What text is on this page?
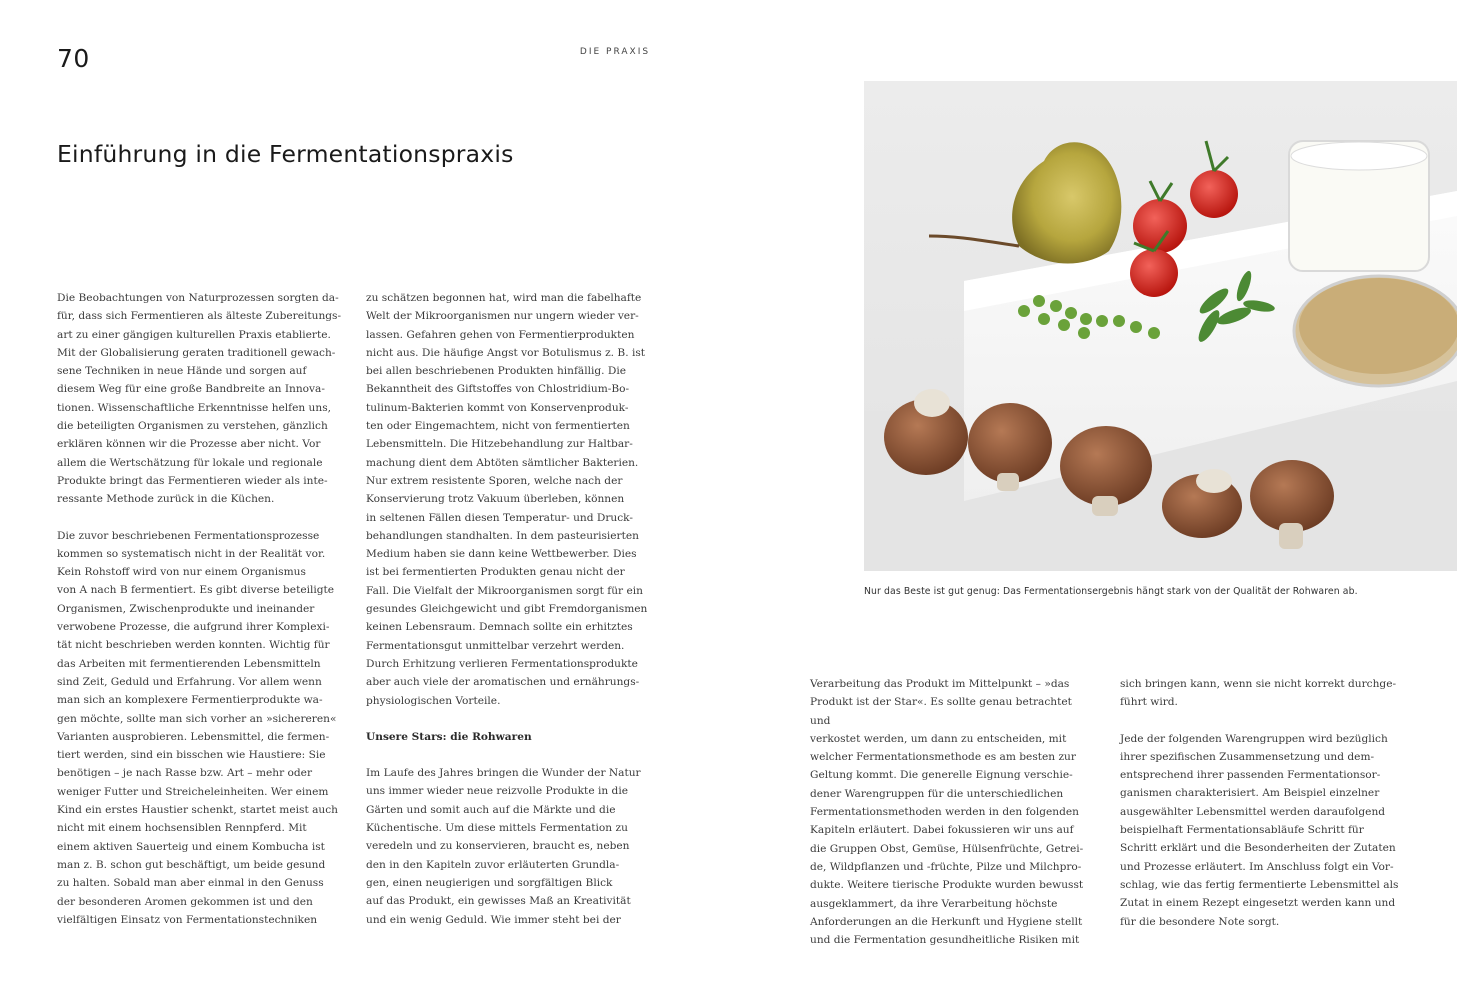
70	DIE PRAXIS
Einführung in die Fermentationspraxis

Die Beobachtungen von Naturprozessen sorgten da-
für, dass sich Fermentieren als älteste Zubereitungs-
art zu einer gängigen kulturellen Praxis etablierte.
Mit der Globalisierung geraten traditionell gewach-
sene Techniken in neue Hände und sorgen auf
diesem Weg für eine große Bandbreite an Innova-
tionen. Wissenschaftliche Erkenntnisse helfen uns,
die beteiligten Organismen zu verstehen, gänzlich
erklären können wir die Prozesse aber nicht. Vor
allem die Wertschätzung für lokale und regionale
Produkte bringt das Fermentieren wieder als inte-
ressante Methode zurück in die Küchen.

Die zuvor beschriebenen Fermentationsprozesse
kommen so systematisch nicht in der Realität vor.
Kein Rohstoff wird von nur einem Organismus
von A nach B fermentiert. Es gibt diverse beteiligte
Organismen, Zwischenprodukte und ineinander
verwobene Prozesse, die aufgrund ihrer Komplexi-
tät nicht beschrieben werden konnten. Wichtig für
das Arbeiten mit fermentierenden Lebensmitteln
sind Zeit, Geduld und Erfahrung. Vor allem wenn
man sich an komplexere Fermentierprodukte wa-
gen möchte, sollte man sich vorher an »sichereren«
Varianten ausprobieren. Lebensmittel, die fermen-
tiert werden, sind ein bisschen wie Haustiere: Sie
benötigen – je nach Rasse bzw. Art – mehr oder
weniger Futter und Streicheleinheiten. Wer einem
Kind ein erstes Haustier schenkt, startet meist auch
nicht mit einem hochsensiblen Rennpferd. Mit
einem aktiven Sauerteig und einem Kombucha ist
man z. B. schon gut beschäftigt, um beide gesund
zu halten. Sobald man aber einmal in den Genuss
der besonderen Aromen gekommen ist und den
vielfältigen Einsatz von Fermentationstechniken

zu schätzen begonnen hat, wird man die fabelhafte
Welt der Mikroorganismen nur ungern wieder ver-
lassen. Gefahren gehen von Fermentierprodukten
nicht aus. Die häufige Angst vor Botulismus z. B. ist
bei allen beschriebenen Produkten hinfällig. Die
Bekanntheit des Giftstoffes von Chlostridium-Bo-
tulinum-Bakterien kommt von Konservenproduk-
ten oder Eingemachtem, nicht von fermentierten
Lebensmitteln. Die Hitzebehandlung zur Haltbar-
machung dient dem Abtöten sämtlicher Bakterien.
Nur extrem resistente Sporen, welche nach der
Konservierung trotz Vakuum überleben, können
in seltenen Fällen diesen Temperatur- und Druck-
behandlungen standhalten. In dem pasteurisierten
Medium haben sie dann keine Wettbewerber. Dies
ist bei fermentierten Produkten genau nicht der
Fall. Die Vielfalt der Mikroorganismen sorgt für ein
gesundes Gleichgewicht und gibt Fremdorganismen
keinen Lebensraum. Demnach sollte ein erhitztes
Fermentationsgut unmittelbar verzehrt werden.
Durch Erhitzung verlieren Fermentationsprodukte
aber auch viele der aromatischen und ernährungs-
physiologischen Vorteile.

Unsere Stars: die Rohwaren

Im Laufe des Jahres bringen die Wunder der Natur
uns immer wieder neue reizvolle Produkte in die
Gärten und somit auch auf die Märkte und die
Küchentische. Um diese mittels Fermentation zu
veredeln und zu konservieren, braucht es, neben
den in den Kapiteln zuvor erläuterten Grundla-
gen, einen neugierigen und sorgfältigen Blick
auf das Produkt, ein gewisses Maß an Kreativität
und ein wenig Geduld. Wie immer steht bei der

Nur das Beste ist gut genug: Das Fermentationsergebnis hängt stark von der Qualität der Rohwaren ab.

Verarbeitung das Produkt im Mittelpunkt – »das
Produkt ist der Star«. Es sollte genau betrachtet und
verkostet werden, um dann zu entscheiden, mit
welcher Fermentationsmethode es am besten zur
Geltung kommt. Die generelle Eignung verschie-
dener Warengruppen für die unterschiedlichen
Fermentationsmethoden werden in den folgenden
Kapiteln erläutert. Dabei fokussieren wir uns auf
die Gruppen Obst, Gemüse, Hülsenfrüchte, Getrei-
de, Wildpflanzen und -früchte, Pilze und Milchpro-
dukte. Weitere tierische Produkte wurden bewusst
ausgeklammert, da ihre Verarbeitung höchste
Anforderungen an die Herkunft und Hygiene stellt
und die Fermentation gesundheitliche Risiken mit

sich bringen kann, wenn sie nicht korrekt durchge-
führt wird.

Jede der folgenden Warengruppen wird bezüglich
ihrer spezifischen Zusammensetzung und dem-
entsprechend ihrer passenden Fermentationsor-
ganismen charakterisiert. Am Beispiel einzelner
ausgewählter Lebensmittel werden daraufolgend
beispielhaft Fermentationsabläufe Schritt für
Schritt erklärt und die Besonderheiten der Zutaten
und Prozesse erläutert. Im Anschluss folgt ein Vor-
schlag, wie das fertig fermentierte Lebensmittel als
Zutat in einem Rezept eingesetzt werden kann und
für die besondere Note sorgt.
